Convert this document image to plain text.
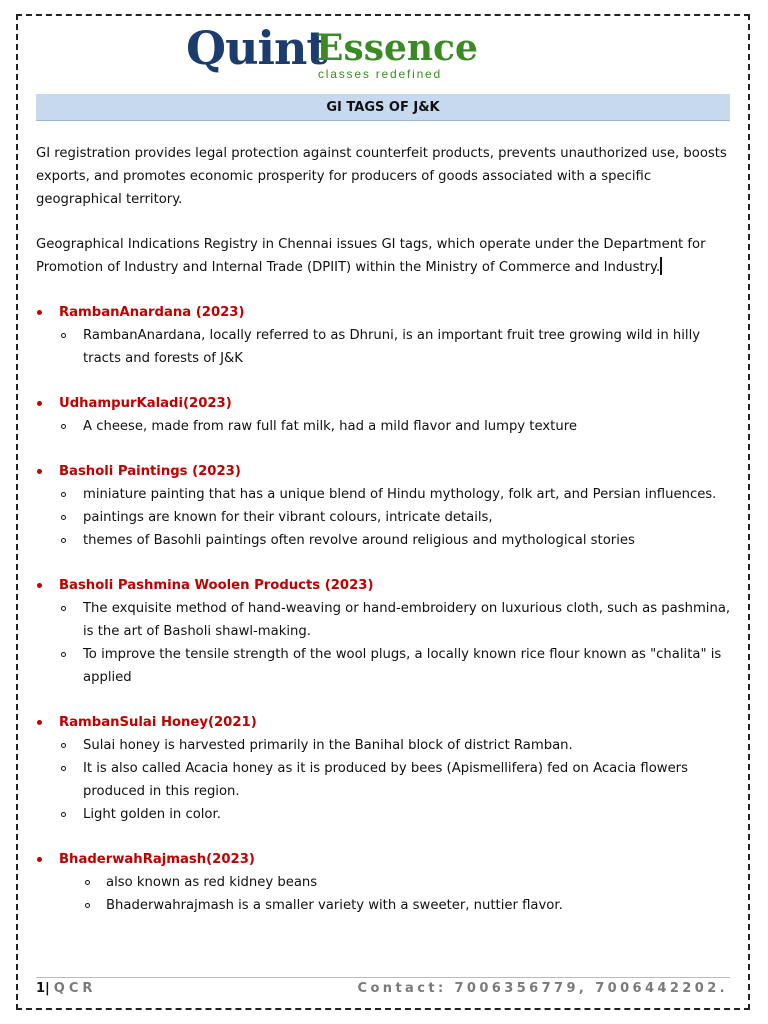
Quint
Essence
classes redefined
GI TAGS OF J&K

GI registration provides legal protection against counterfeit products, prevents unauthorized use, boosts exports, and promotes economic prosperity for producers of goods associated with a specific geographical territory.

Geographical Indications Registry in Chennai issues GI tags, which operate under the Department for Promotion of Industry and Internal Trade (DPIIT) within the Ministry of Commerce and Industry.

RambanAnardana (2023)
RambanAnardana, locally referred to as Dhruni, is an important fruit tree growing wild in hilly tracts and forests of J&K
UdhampurKaladi(2023)
A cheese, made from raw full fat milk, had a mild flavor and lumpy texture
Basholi Paintings (2023)
miniature painting that has a unique blend of Hindu mythology, folk art, and Persian influences.
paintings are known for their vibrant colours, intricate details,
themes of Basohli paintings often revolve around religious and mythological stories
Basholi Pashmina Woolen Products (2023)
The exquisite method of hand-weaving or hand-embroidery on luxurious cloth, such as pashmina, is the art of Basholi shawl-making.
To improve the tensile strength of the wool plugs, a locally known rice flour known as "chalita" is applied
RambanSulai Honey(2021)
Sulai honey is harvested primarily in the Banihal block of district Ramban.
It is also called Acacia honey as it is produced by bees (Apismellifera) fed on Acacia flowers produced in this region.
Light golden in color.
BhaderwahRajmash(2023)
also known as red kidney beans
Bhaderwahrajmash is a smaller variety with a sweeter, nuttier flavor.
1| QCR	Contact: 7006356779, 7006442202.
